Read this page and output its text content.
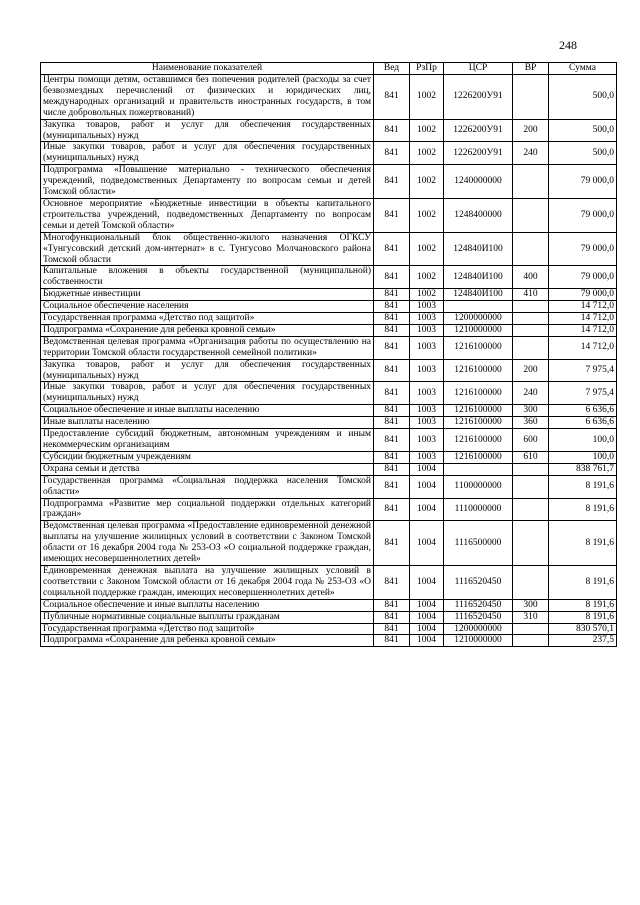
248
Наименование показателей	Вед	РзПр	ЦСР	ВР	Сумма
Центры помощи детям, оставшимся без попечения родителей (расходы за счет безвозмездных перечислений от физических и юридических лиц, международных организаций и правительств иностранных государств, в том числе добровольных пожертвований)	841	1002	1226200У91		500,0
Закупка товаров, работ и услуг для обеспечения государственных (муниципальных) нужд	841	1002	1226200У91	200	500,0
Иные закупки товаров, работ и услуг для обеспечения государственных (муниципальных) нужд	841	1002	1226200У91	240	500,0
Подпрограмма «Повышение материально - технического обеспечения учреждений, подведомственных Департаменту по вопросам семьи и детей Томской области»	841	1002	1240000000		79 000,0
Основное мероприятие «Бюджетные инвестиции в объекты капитального строительства учреждений, подведомственных Департаменту по вопросам семьи и детей Томской области»	841	1002	1248400000		79 000,0
Многофункциональный блок общественно-жилого назначения ОГКСУ «Тунгусовский детский дом-интернат» в с. Тунгусово Молчановского района Томской области	841	1002	124840И100		79 000,0
Капитальные вложения в объекты государственной (муниципальной) собственности	841	1002	124840И100	400	79 000,0
Бюджетные инвестиции	841	1002	124840И100	410	79 000,0
Социальное обеспечение населения	841	1003			14 712,0
Государственная программа «Детство под защитой»	841	1003	1200000000		14 712,0
Подпрограмма «Сохранение для ребенка кровной семьи»	841	1003	1210000000		14 712,0
Ведомственная целевая программа «Организация работы по осуществлению на территории Томской области государственной семейной политики»	841	1003	1216100000		14 712,0
Закупка товаров, работ и услуг для обеспечения государственных (муниципальных) нужд	841	1003	1216100000	200	7 975,4
Иные закупки товаров, работ и услуг для обеспечения государственных (муниципальных) нужд	841	1003	1216100000	240	7 975,4
Социальное обеспечение и иные выплаты населению	841	1003	1216100000	300	6 636,6
Иные выплаты населению	841	1003	1216100000	360	6 636,6
Предоставление субсидий бюджетным, автономным учреждениям и иным некоммерческим организациям	841	1003	1216100000	600	100,0
Субсидии бюджетным учреждениям	841	1003	1216100000	610	100,0
Охрана семьи и детства	841	1004			838 761,7
Государственная программа «Социальная поддержка населения Томской области»	841	1004	1100000000		8 191,6
Подпрограмма «Развитие мер социальной поддержки отдельных категорий граждан»	841	1004	1110000000		8 191,6
Ведомственная целевая программа «Предоставление единовременной денежной выплаты на улучшение жилищных условий в соответствии с Законом Томской области от 16 декабря 2004 года № 253-ОЗ «О социальной поддержке граждан, имеющих несовершеннолетних детей»	841	1004	1116500000		8 191,6
Единовременная денежная выплата на улучшение жилищных условий в соответствии с Законом Томской области от 16 декабря 2004 года № 253-ОЗ «О социальной поддержке граждан, имеющих несовершеннолетних детей»	841	1004	1116520450		8 191,6
Социальное обеспечение и иные выплаты населению	841	1004	1116520450	300	8 191,6
Публичные нормативные социальные выплаты гражданам	841	1004	1116520450	310	8 191,6
Государственная программа «Детство под защитой»	841	1004	1200000000		830 570,1
Подпрограмма «Сохранение для ребенка кровной семьи»	841	1004	1210000000		237,5
